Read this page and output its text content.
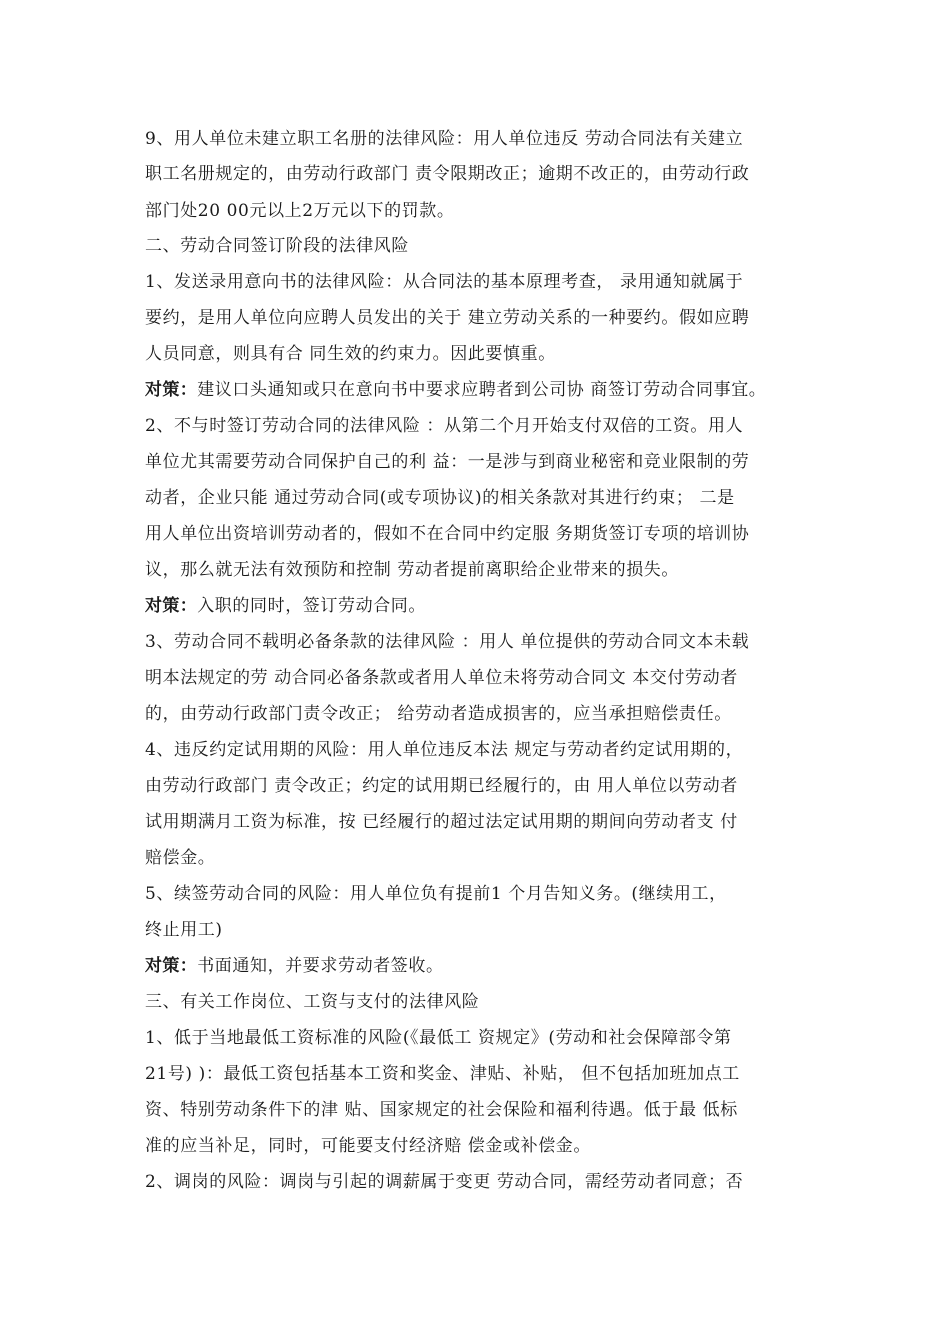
9、用人单位未建立职工名册的法律风险：用人单位违反 劳动合同法有关建立
职工名册规定的，由劳动行政部门 责令限期改正；逾期不改正的，由劳动行政
部门处20 00元以上2万元以下的罚款。
二、劳动合同签订阶段的法律风险
1、发送录用意向书的法律风险：从合同法的基本原理考查， 录用通知就属于
要约，是用人单位向应聘人员发出的关于 建立劳动关系的一种要约。假如应聘
人员同意，则具有合 同生效的约束力。因此要慎重。
对策：建议口头通知或只在意向书中要求应聘者到公司协 商签订劳动合同事宜。
2、不与时签订劳动合同的法律风险 ：从第二个月开始支付双倍的工资。用人
单位尤其需要劳动合同保护自己的利 益：一是涉与到商业秘密和竞业限制的劳
动者，企业只能 通过劳动合同(或专项协议)的相关条款对其进行约束； 二是
用人单位出资培训劳动者的，假如不在合同中约定服 务期货签订专项的培训协
议，那么就无法有效预防和控制 劳动者提前离职给企业带来的损失。
对策：入职的同时，签订劳动合同。
3、劳动合同不载明必备条款的法律风险 ：用人 单位提供的劳动合同文本未载
明本法规定的劳 动合同必备条款或者用人单位未将劳动合同文 本交付劳动者
的，由劳动行政部门责令改正； 给劳动者造成损害的，应当承担赔偿责任。
4、违反约定试用期的风险：用人单位违反本法 规定与劳动者约定试用期的，
由劳动行政部门 责令改正；约定的试用期已经履行的，由 用人单位以劳动者
试用期满月工资为标准，按 已经履行的超过法定试用期的期间向劳动者支 付
赔偿金。
5、续签劳动合同的风险：用人单位负有提前1 个月告知义务。(继续用工，
终止用工)
对策：书面通知，并要求劳动者签收。
三、有关工作岗位、工资与支付的法律风险
1、低于当地最低工资标准的风险(《最低工 资规定》(劳动和社会保障部令第
21号) )：最低工资包括基本工资和奖金、津贴、补贴， 但不包括加班加点工
资、特别劳动条件下的津 贴、国家规定的社会保险和福利待遇。低于最 低标
准的应当补足，同时，可能要支付经济赔 偿金或补偿金。
2、调岗的风险：调岗与引起的调薪属于变更 劳动合同，需经劳动者同意；否
